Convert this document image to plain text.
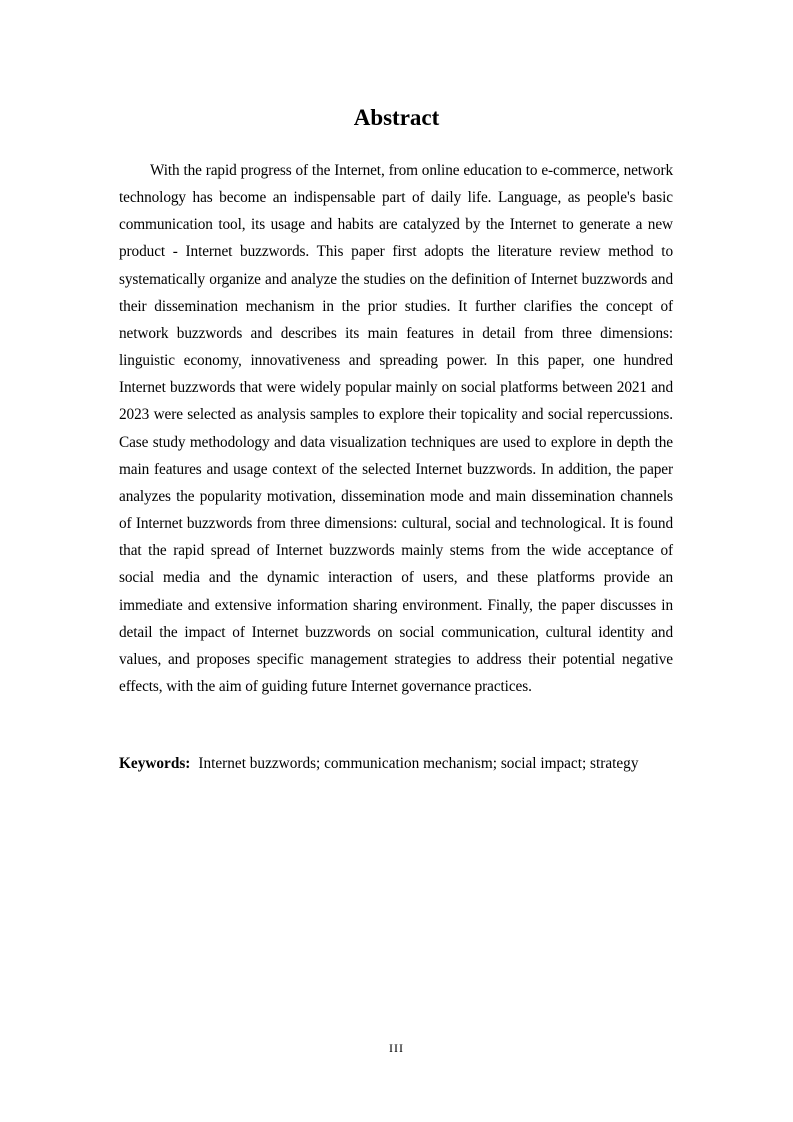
Abstract

With the rapid progress of the Internet, from online education to e-commerce, network technology has become an indispensable part of daily life. Language, as people's basic communication tool, its usage and habits are catalyzed by the Internet to generate a new product - Internet buzzwords. This paper first adopts the literature review method to systematically organize and analyze the studies on the definition of Internet buzzwords and their dissemination mechanism in the prior studies. It further clarifies the concept of network buzzwords and describes its main features in detail from three dimensions: linguistic economy, innovativeness and spreading power. In this paper, one hundred Internet buzzwords that were widely popular mainly on social platforms between 2021 and 2023 were selected as analysis samples to explore their topicality and social repercussions. Case study methodology and data visualization techniques are used to explore in depth the main features and usage context of the selected Internet buzzwords. In addition, the paper analyzes the popularity motivation, dissemination mode and main dissemination channels of Internet buzzwords from three dimensions: cultural, social and technological. It is found that the rapid spread of Internet buzzwords mainly stems from the wide acceptance of social media and the dynamic interaction of users, and these platforms provide an immediate and extensive information sharing environment. Finally, the paper discusses in detail the impact of Internet buzzwords on social communication, cultural identity and values, and proposes specific management strategies to address their potential negative effects, with the aim of guiding future Internet governance practices.

Keywords: Internet buzzwords; communication mechanism; social impact; strategy

III
